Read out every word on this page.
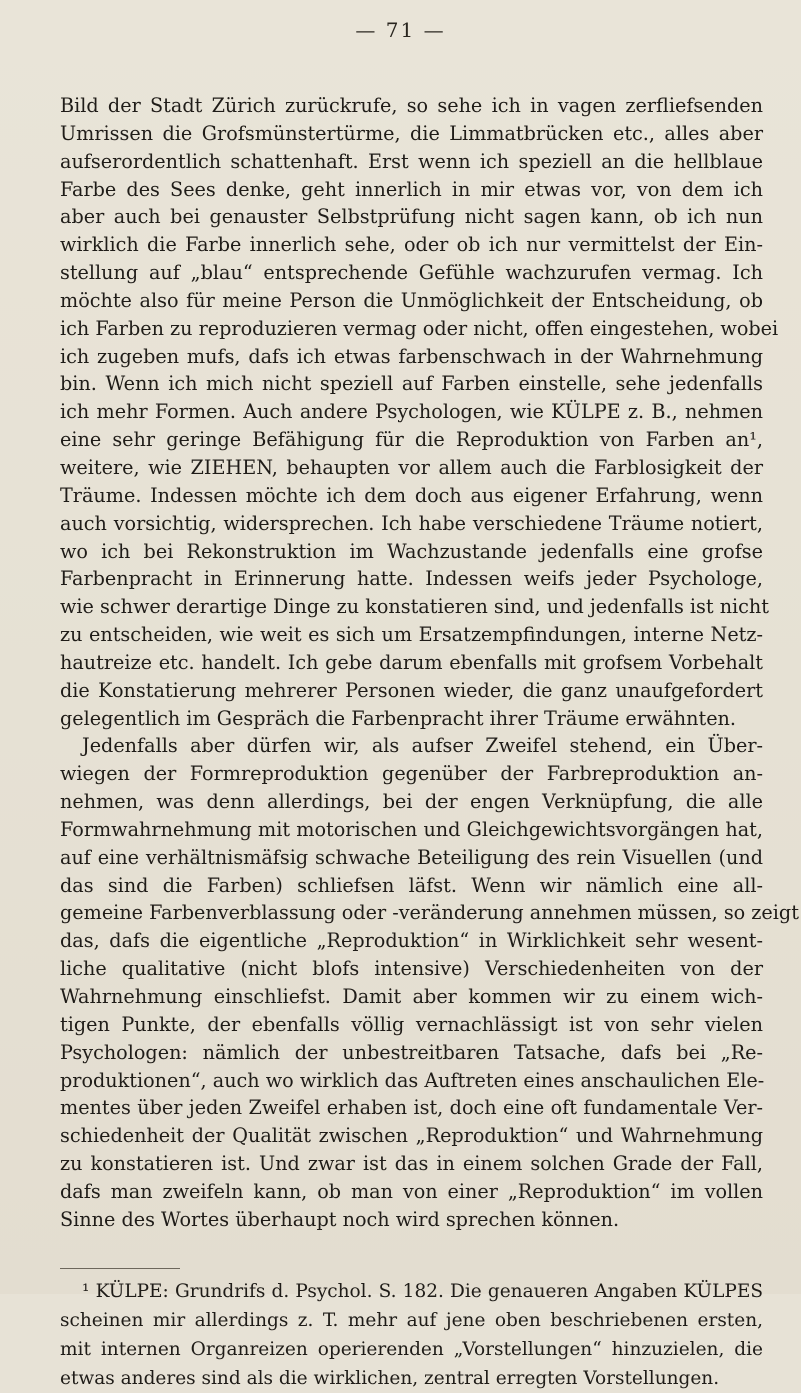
— 71 —
Bild der Stadt Zürich zurückrufe, so sehe ich in vagen zerfliefsenden
Umrissen die Grofsmünstertürme, die Limmatbrücken etc., alles aber
aufserordentlich schattenhaft. Erst wenn ich speziell an die hellblaue
Farbe des Sees denke, geht innerlich in mir etwas vor, von dem ich
aber auch bei genauster Selbstprüfung nicht sagen kann, ob ich nun
wirklich die Farbe innerlich sehe, oder ob ich nur vermittelst der Ein-
stellung auf „blau“ entsprechende Gefühle wachzurufen vermag. Ich
möchte also für meine Person die Unmöglichkeit der Entscheidung, ob
ich Farben zu reproduzieren vermag oder nicht, offen eingestehen, wobei
ich zugeben mufs, dafs ich etwas farbenschwach in der Wahrnehmung
bin. Wenn ich mich nicht speziell auf Farben einstelle, sehe jedenfalls
ich mehr Formen. Auch andere Psychologen, wie KÜLPE z. B., nehmen
eine sehr geringe Befähigung für die Reproduktion von Farben an¹,
weitere, wie ZIEHEN, behaupten vor allem auch die Farblosigkeit der
Träume. Indessen möchte ich dem doch aus eigener Erfahrung, wenn
auch vorsichtig, widersprechen. Ich habe verschiedene Träume notiert,
wo ich bei Rekonstruktion im Wachzustande jedenfalls eine grofse
Farbenpracht in Erinnerung hatte. Indessen weifs jeder Psychologe,
wie schwer derartige Dinge zu konstatieren sind, und jedenfalls ist nicht
zu entscheiden, wie weit es sich um Ersatzempfindungen, interne Netz-
hautreize etc. handelt. Ich gebe darum ebenfalls mit grofsem Vorbehalt
die Konstatierung mehrerer Personen wieder, die ganz unaufgefordert
gelegentlich im Gespräch die Farbenpracht ihrer Träume erwähnten.
Jedenfalls aber dürfen wir, als aufser Zweifel stehend, ein Über-
wiegen der Formreproduktion gegenüber der Farbreproduktion an-
nehmen, was denn allerdings, bei der engen Verknüpfung, die alle
Formwahrnehmung mit motorischen und Gleichgewichtsvorgängen hat,
auf eine verhältnismäfsig schwache Beteiligung des rein Visuellen (und
das sind die Farben) schliefsen läfst. Wenn wir nämlich eine all-
gemeine Farbenverblassung oder -veränderung annehmen müssen, so zeigt
das, dafs die eigentliche „Reproduktion“ in Wirklichkeit sehr wesent-
liche qualitative (nicht blofs intensive) Verschiedenheiten von der
Wahrnehmung einschliefst. Damit aber kommen wir zu einem wich-
tigen Punkte, der ebenfalls völlig vernachlässigt ist von sehr vielen
Psychologen: nämlich der unbestreitbaren Tatsache, dafs bei „Re-
produktionen“, auch wo wirklich das Auftreten eines anschaulichen Ele-
mentes über jeden Zweifel erhaben ist, doch eine oft fundamentale Ver-
schiedenheit der Qualität zwischen „Reproduktion“ und Wahrnehmung
zu konstatieren ist. Und zwar ist das in einem solchen Grade der Fall,
dafs man zweifeln kann, ob man von einer „Reproduktion“ im vollen
Sinne des Wortes überhaupt noch wird sprechen können.
¹ KÜLPE: Grundrifs d. Psychol. S. 182. Die genaueren Angaben KÜLPES
scheinen mir allerdings z. T. mehr auf jene oben beschriebenen ersten,
mit internen Organreizen operierenden „Vorstellungen“ hinzuzielen, die
etwas anderes sind als die wirklichen, zentral erregten Vorstellungen.
